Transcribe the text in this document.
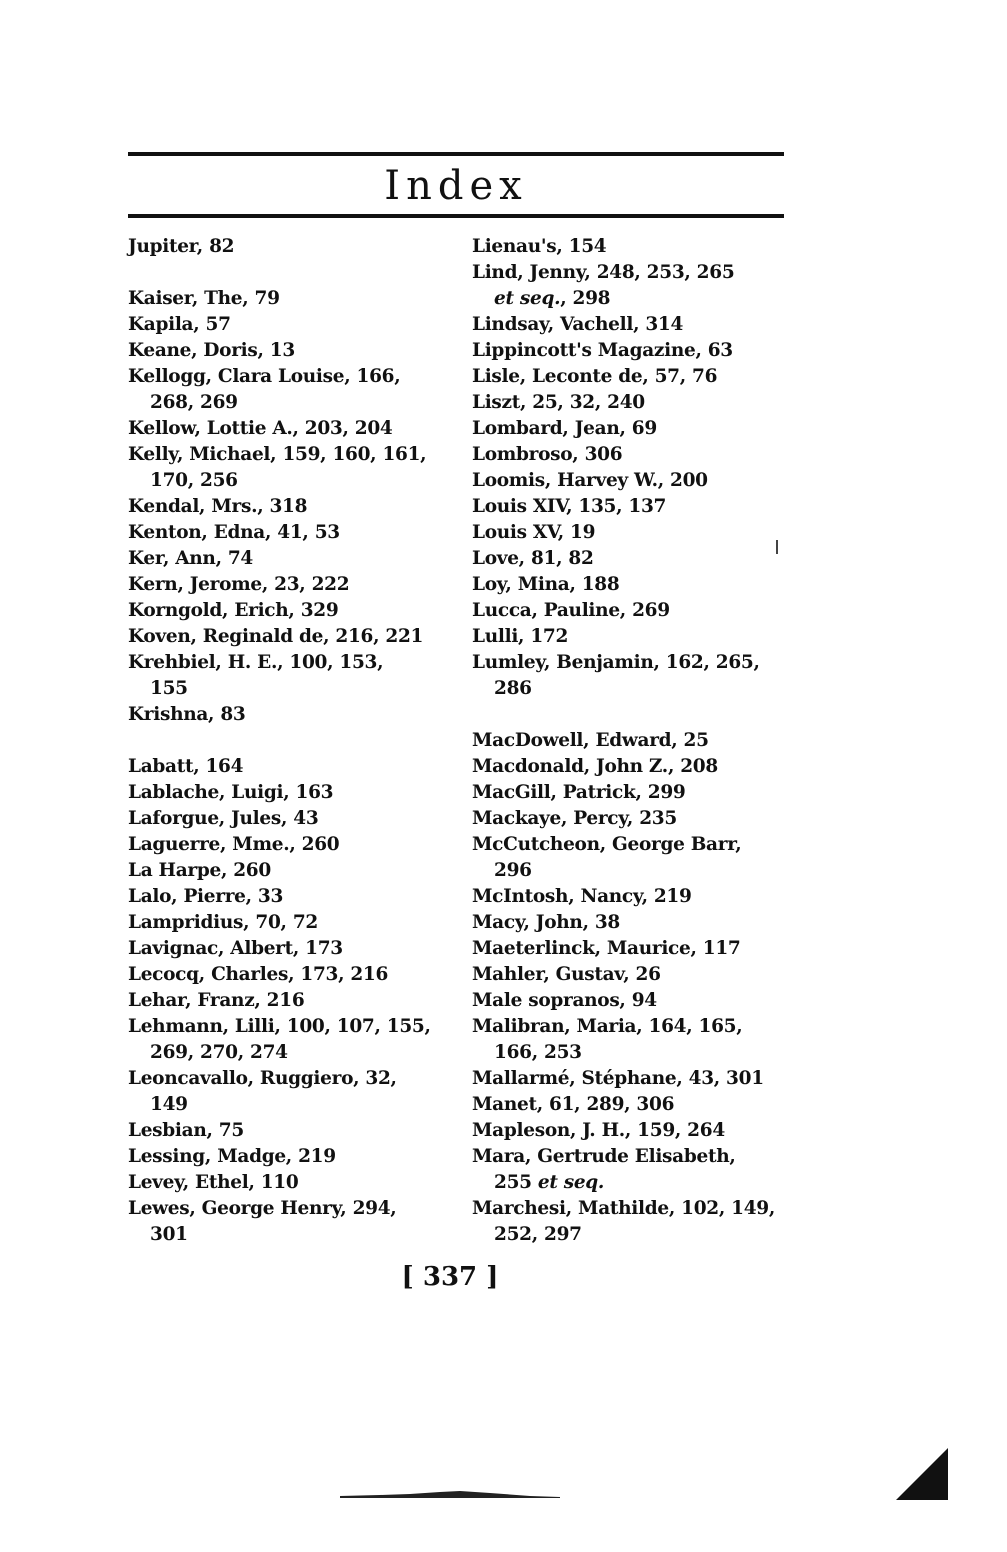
Index
Jupiter, 82
Kaiser, The, 79
Kapila, 57
Keane, Doris, 13
Kellogg, Clara Louise, 166,
268, 269
Kellow, Lottie A., 203, 204
Kelly, Michael, 159, 160, 161,
170, 256
Kendal, Mrs., 318
Kenton, Edna, 41, 53
Ker, Ann, 74
Kern, Jerome, 23, 222
Korngold, Erich, 329
Koven, Reginald de, 216, 221
Krehbiel, H. E., 100, 153,
155
Krishna, 83
Labatt, 164
Lablache, Luigi, 163
Laforgue, Jules, 43
Laguerre, Mme., 260
La Harpe, 260
Lalo, Pierre, 33
Lampridius, 70, 72
Lavignac, Albert, 173
Lecocq, Charles, 173, 216
Lehar, Franz, 216
Lehmann, Lilli, 100, 107, 155,
269, 270, 274
Leoncavallo, Ruggiero, 32,
149
Lesbian, 75
Lessing, Madge, 219
Levey, Ethel, 110
Lewes, George Henry, 294,
301
Lienau's, 154
Lind, Jenny, 248, 253, 265
et seq., 298
Lindsay, Vachell, 314
Lippincott's Magazine, 63
Lisle, Leconte de, 57, 76
Liszt, 25, 32, 240
Lombard, Jean, 69
Lombroso, 306
Loomis, Harvey W., 200
Louis XIV, 135, 137
Louis XV, 19
Love, 81, 82
Loy, Mina, 188
Lucca, Pauline, 269
Lulli, 172
Lumley, Benjamin, 162, 265,
286
MacDowell, Edward, 25
Macdonald, John Z., 208
MacGill, Patrick, 299
Mackaye, Percy, 235
McCutcheon, George Barr,
296
McIntosh, Nancy, 219
Macy, John, 38
Maeterlinck, Maurice, 117
Mahler, Gustav, 26
Male sopranos, 94
Malibran, Maria, 164, 165,
166, 253
Mallarmé, Stéphane, 43, 301
Manet, 61, 289, 306
Mapleson, J. H., 159, 264
Mara, Gertrude Elisabeth,
255 et seq.
Marchesi, Mathilde, 102, 149,
252, 297
[ 337 ]
